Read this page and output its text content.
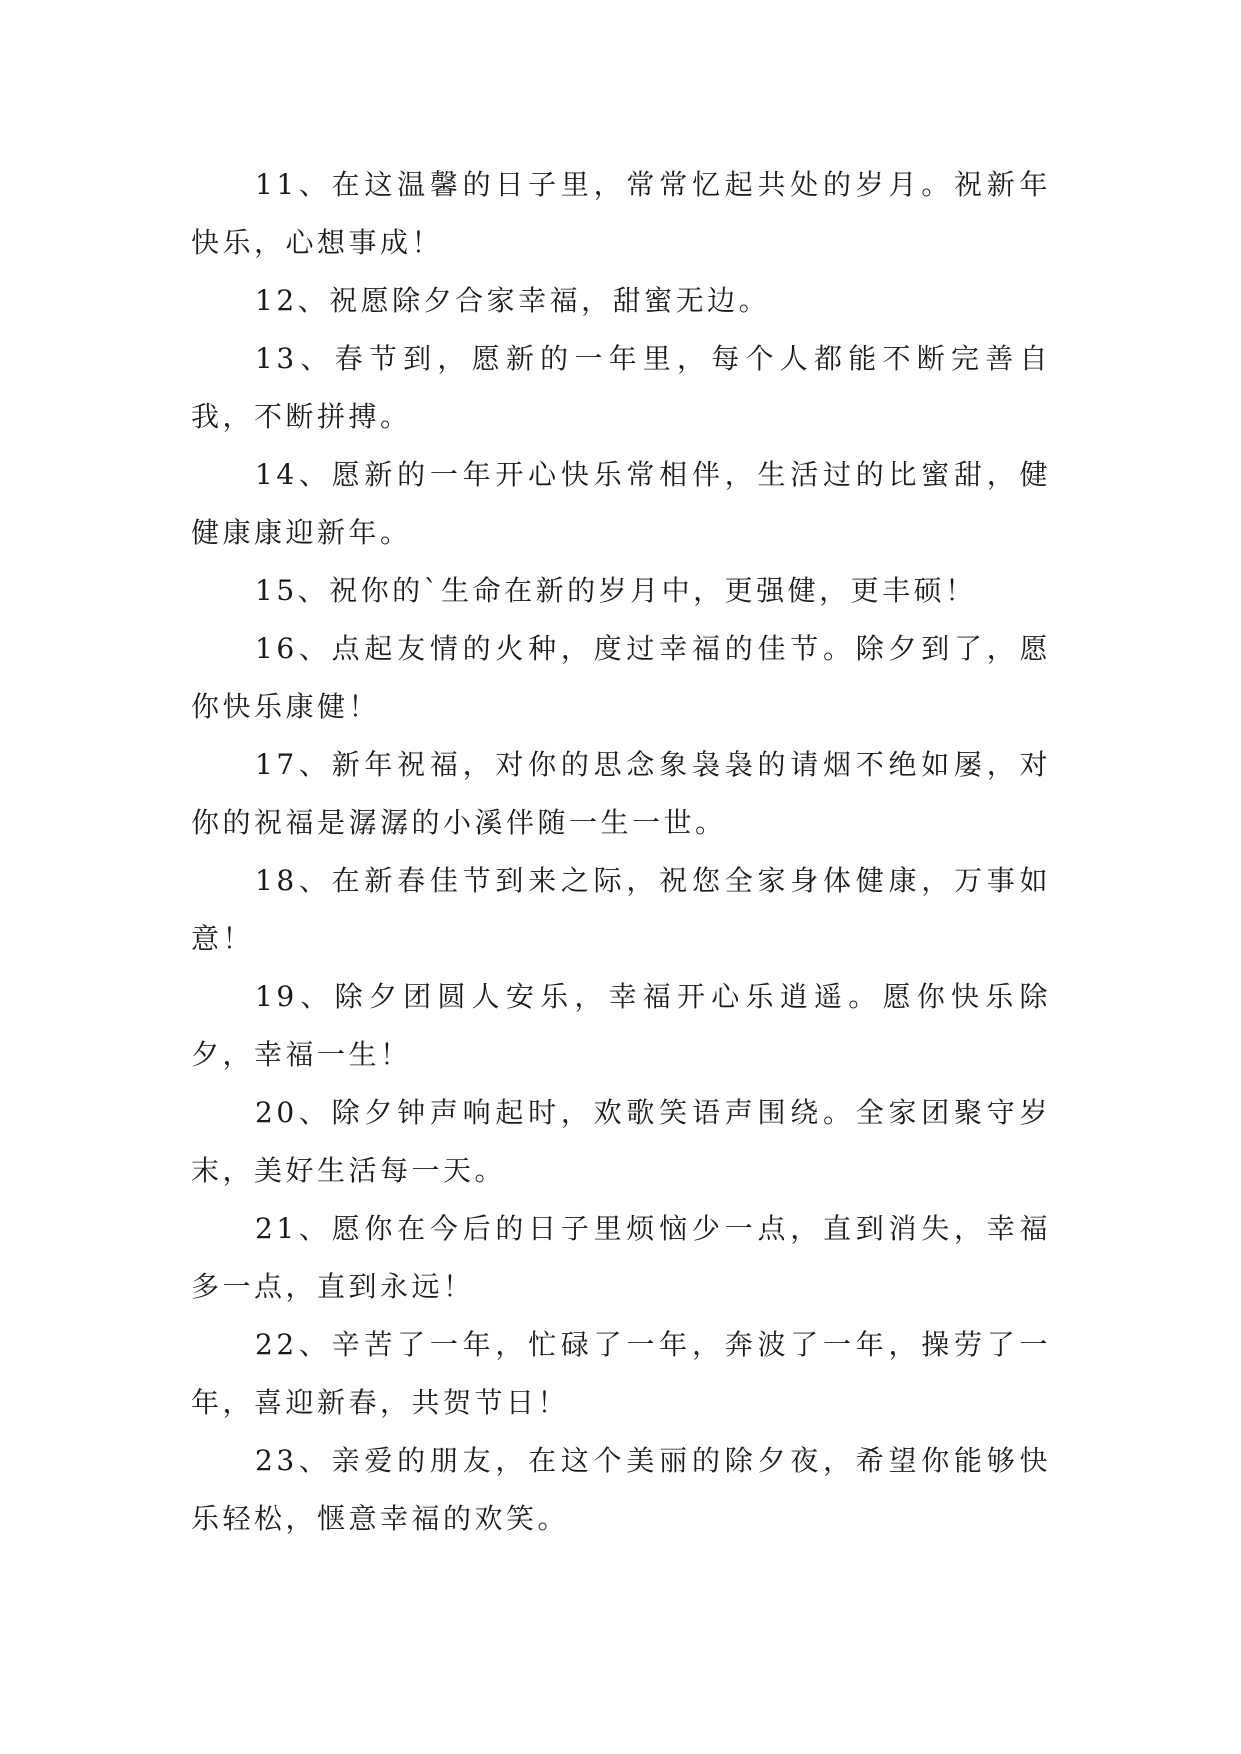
11、在这温馨的日子里，常常忆起共处的岁月。祝新年快乐，心想事成！

12、祝愿除夕合家幸福，甜蜜无边。

13、春节到，愿新的一年里，每个人都能不断完善自我，不断拼搏。

14、愿新的一年开心快乐常相伴，生活过的比蜜甜，健健康康迎新年。

15、祝你的`生命在新的岁月中，更强健，更丰硕！

16、点起友情的火种，度过幸福的佳节。除夕到了，愿你快乐康健！

17、新年祝福，对你的思念象袅袅的请烟不绝如屡，对你的祝福是潺潺的小溪伴随一生一世。

18、在新春佳节到来之际，祝您全家身体健康，万事如意！

19、除夕团圆人安乐，幸福开心乐逍遥。愿你快乐除夕，幸福一生！

20、除夕钟声响起时，欢歌笑语声围绕。全家团聚守岁末，美好生活每一天。

21、愿你在今后的日子里烦恼少一点，直到消失，幸福多一点，直到永远！

22、辛苦了一年，忙碌了一年，奔波了一年，操劳了一年，喜迎新春，共贺节日！

23、亲爱的朋友，在这个美丽的除夕夜，希望你能够快乐轻松，惬意幸福的欢笑。
